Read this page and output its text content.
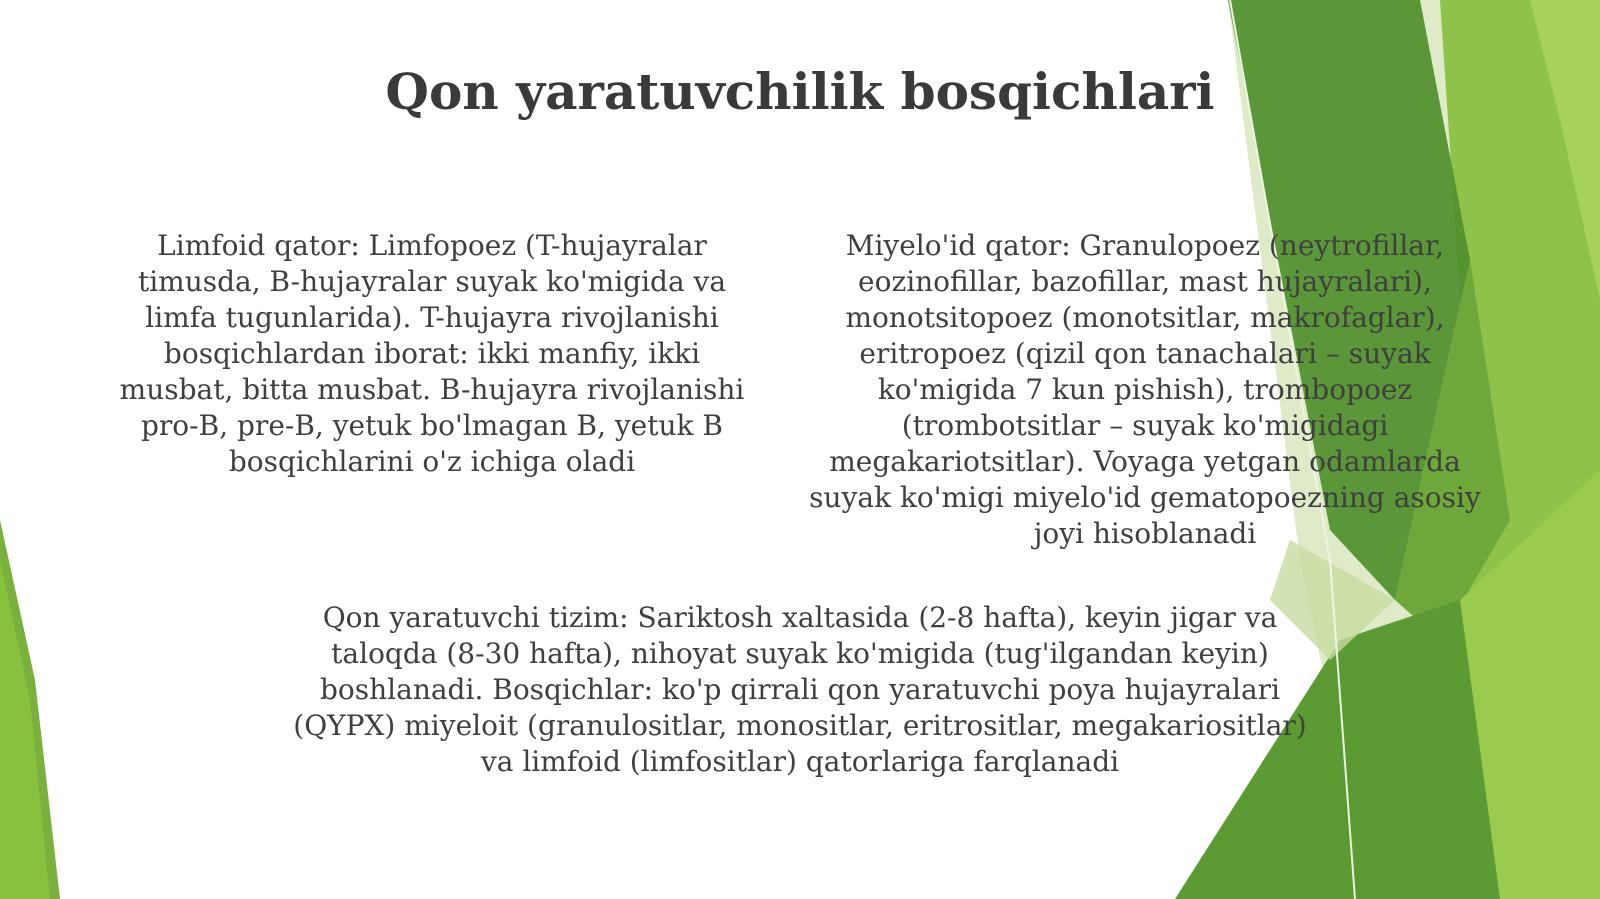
Qon yaratuvchilik bosqichlari

Limfoid qator: Limfopoez (T-hujayralar timusda, B-hujayralar suyak ko'migida va limfa tugunlarida). T-hujayra rivojlanishi bosqichlardan iborat: ikki manfiy, ikki musbat, bitta musbat. B-hujayra rivojlanishi pro-B, pre-B, yetuk bo'lmagan B, yetuk B bosqichlarini o'z ichiga oladi

Miyelo'id qator: Granulopoez (neytrofillar, eozinofillar, bazofillar, mast hujayralari), monotsitopoez (monotsitlar, makrofaglar), eritropoez (qizil qon tanachalari – suyak ko'migida 7 kun pishish), trombopoez (trombotsitlar – suyak ko'migidagi megakariotsitlar). Voyaga yetgan odamlarda suyak ko'migi miyelo'id gematopoezning asosiy joyi hisoblanadi

Qon yaratuvchi tizim: Sariktosh xaltasida (2-8 hafta), keyin jigar va taloqda (8-30 hafta), nihoyat suyak ko'migida (tug'ilgandan keyin) boshlanadi. Bosqichlar: ko'p qirrali qon yaratuvchi poya hujayralari (QYPX) miyeloit (granulositlar, monositlar, eritrositlar, megakariositlar) va limfoid (limfositlar) qatorlariga farqlanadi
